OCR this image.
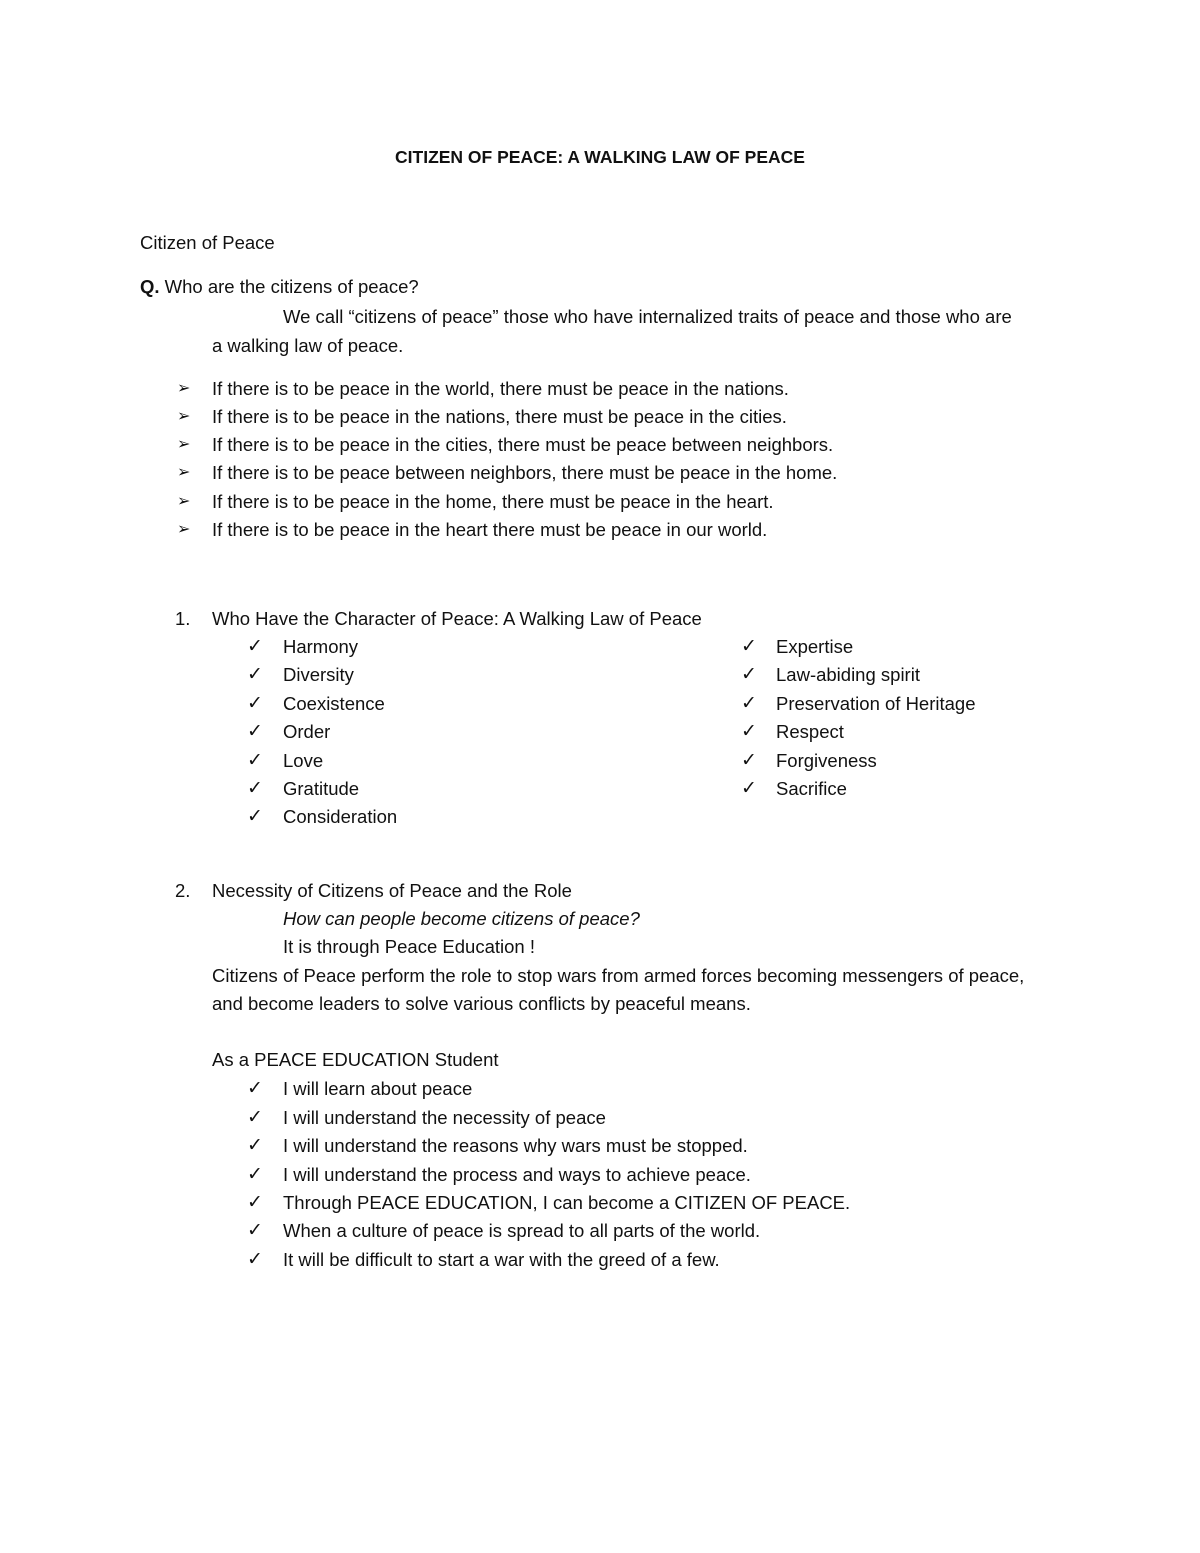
CITIZEN OF PEACE: A WALKING LAW OF PEACE
Citizen of Peace
Q. Who are the citizens of peace?
We call “citizens of peace” those who have internalized traits of peace and those who are
a walking law of peace.
➢ If there is to be peace in the world, there must be peace in the nations.
➢ If there is to be peace in the nations, there must be peace in the cities.
➢ If there is to be peace in the cities, there must be peace between neighbors.
➢ If there is to be peace between neighbors, there must be peace in the home.
➢ If there is to be peace in the home, there must be peace in the heart.
➢ If there is to be peace in the heart there must be peace in our world.
1. Who Have the Character of Peace: A Walking Law of Peace
✓ Harmony
✓ Diversity
✓ Coexistence
✓ Order
✓ Love
✓ Gratitude
✓ Consideration
✓ Expertise
✓ Law-abiding spirit
✓ Preservation of Heritage
✓ Respect
✓ Forgiveness
✓ Sacrifice
2. Necessity of Citizens of Peace and the Role
How can people become citizens of peace?
It is through Peace Education !
Citizens of Peace perform the role to stop wars from armed forces becoming messengers of peace,
and become leaders to solve various conflicts by peaceful means.
As a PEACE EDUCATION Student
✓ I will learn about peace
✓ I will understand the necessity of peace
✓ I will understand the reasons why wars must be stopped.
✓ I will understand the process and ways to achieve peace.
✓ Through PEACE EDUCATION, I can become a CITIZEN OF PEACE.
✓ When a culture of peace is spread to all parts of the world.
✓ It will be difficult to start a war with the greed of a few.
